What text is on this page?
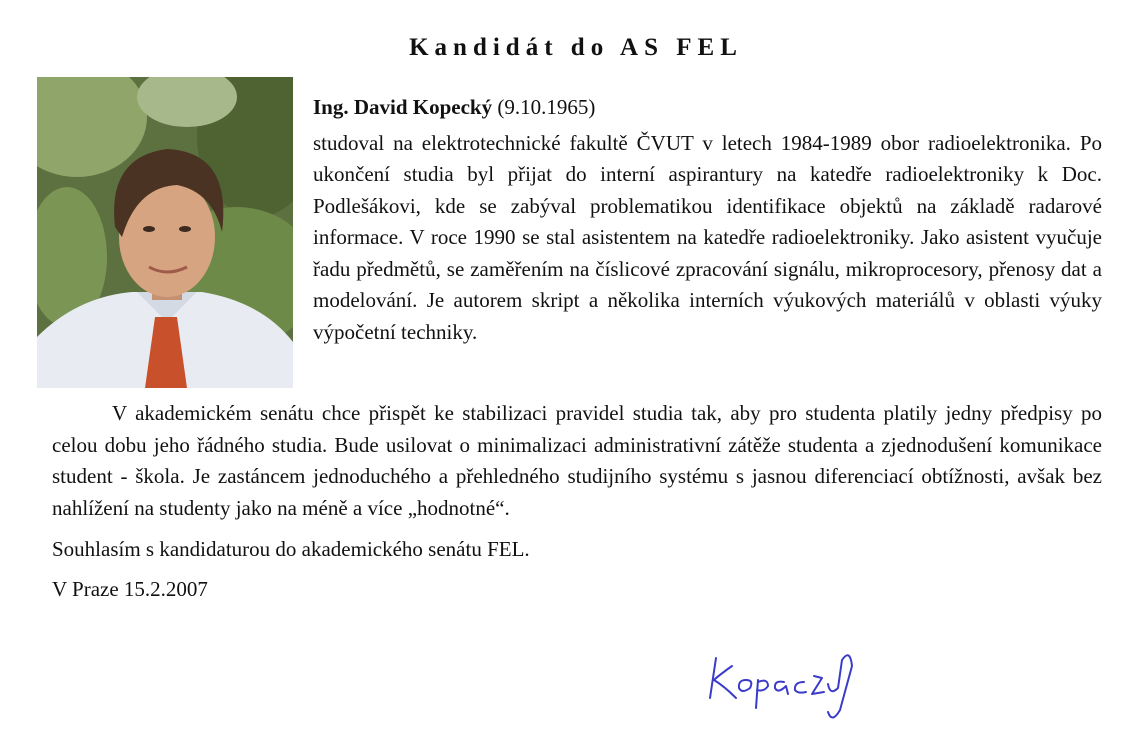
Kandidát do AS FEL

Ing. David Kopecký (9.10.1965)

studoval na elektrotechnické fakultě ČVUT v letech 1984-1989 obor radioelektronika. Po ukončení studia byl přijat do interní aspirantury na katedře radioelektroniky k Doc. Podlešákovi, kde se zabýval problematikou identifikace objektů na základě radarové informace. V roce 1990 se stal asistentem na katedře radioelektroniky. Jako asistent vyučuje řadu předmětů, se zaměřením na číslicové zpracování signálu, mikroprocesory, přenosy dat a modelování. Je autorem skript a několika interních výukových materiálů v oblasti výuky výpočetní techniky.

V akademickém senátu chce přispět ke stabilizaci pravidel studia tak, aby pro studenta platily jedny předpisy po celou dobu jeho řádného studia. Bude usilovat o minimalizaci administrativní zátěže studenta a zjednodušení komunikace student - škola. Je zastáncem jednoduchého a přehledného studijního systému s jasnou diferenciací obtížnosti, avšak bez nahlížení na studenty jako na méně a více „hodnotné“.

Souhlasím s kandidaturou do akademického senátu FEL.

V Praze 15.2.2007
